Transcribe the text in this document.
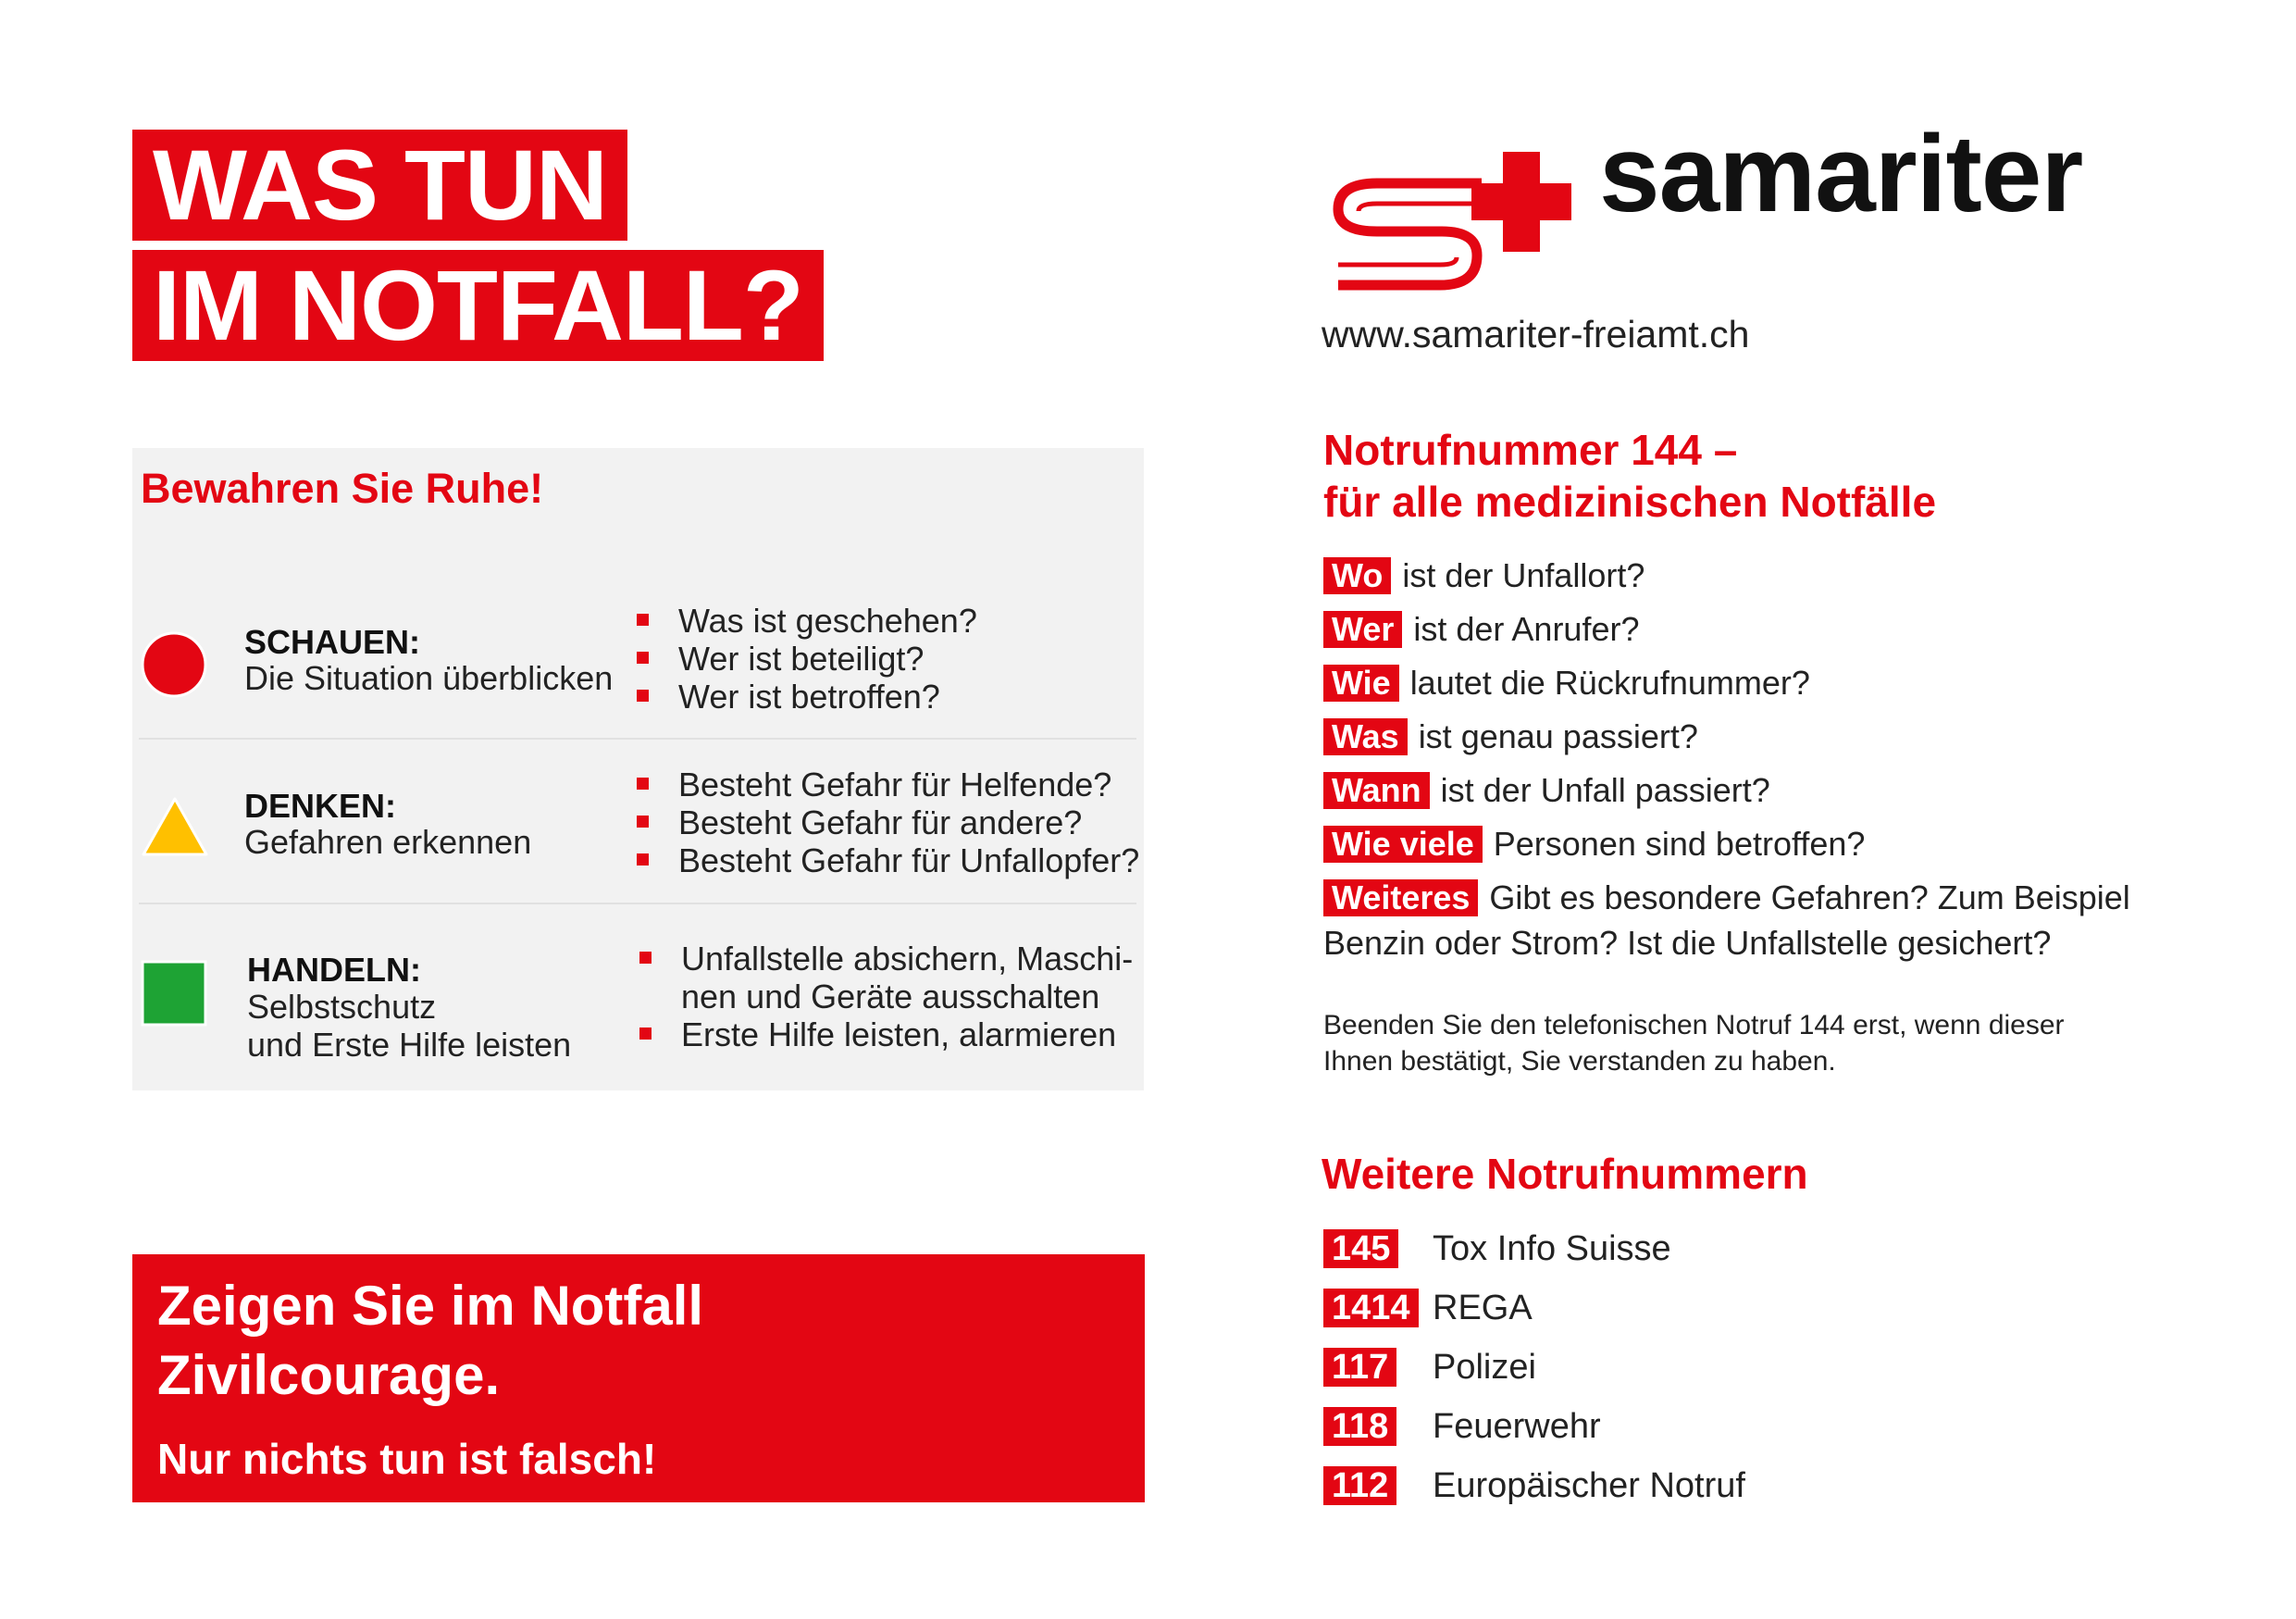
WAS TUN
IM NOTFALL?
Bewahren Sie Ruhe!
SCHAUEN:
Die Situation überblicken
Was ist geschehen?
Wer ist beteiligt?
Wer ist betroffen?
DENKEN:
Gefahren erkennen
Besteht Gefahr für Helfende?
Besteht Gefahr für andere?
Besteht Gefahr für Unfallopfer?
HANDELN:
Selbstschutz
und Erste Hilfe leisten
Unfallstelle absichern, Maschi-
nen und Geräte ausschalten
Erste Hilfe leisten, alarmieren
Zeigen Sie im Notfall
Zivilcourage.
Nur nichts tun ist falsch!
samariter
www.samariter-freiamt.ch
Notrufnummer 144 –
für alle medizinischen Notfälle
Wo ist der Unfallort?
Wer ist der Anrufer?
Wie lautet die Rückrufnummer?
Was ist genau passiert?
Wann ist der Unfall passiert?
Wie viele Personen sind betroffen?
Weiteres Gibt es besondere Gefahren? Zum Beispiel
Benzin oder Strom? Ist die Unfallstelle gesichert?
Beenden Sie den telefonischen Notruf 144 erst, wenn dieser
Ihnen bestätigt, Sie verstanden zu haben.
Weitere Notrufnummern
145 Tox Info Suisse
1414 REGA
117 Polizei
118 Feuerwehr
112 Europäischer Notruf
